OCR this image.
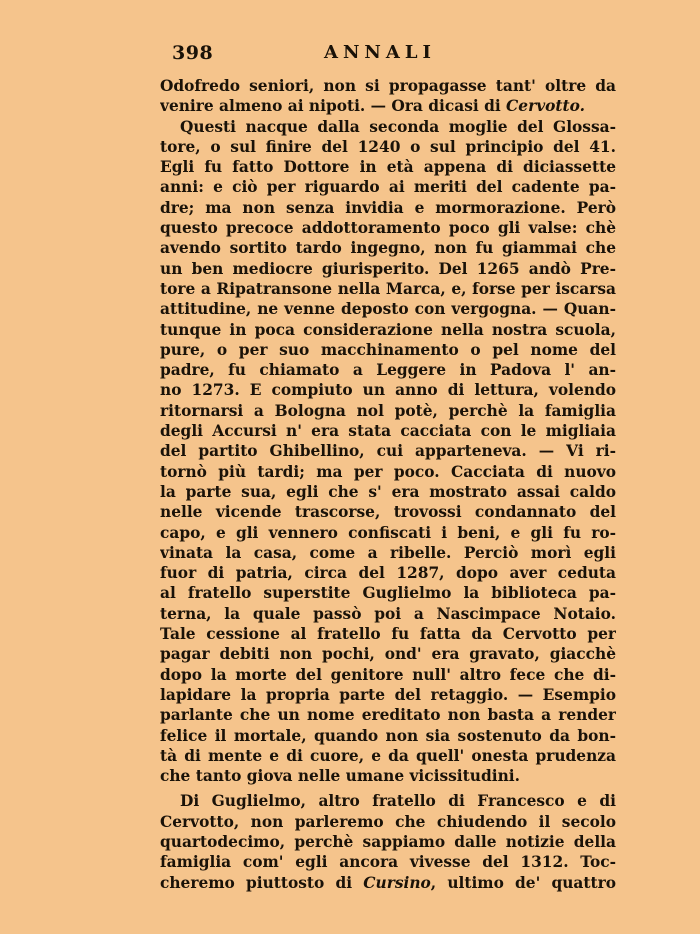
398	ANNALI
Odofredo seniori, non si propagasse tant' oltre da
venire almeno ai nipoti. — Ora dicasi di Cervotto.
Questi nacque dalla seconda moglie del Glossa-
tore, o sul finire del 1240 o sul principio del 41.
Egli fu fatto Dottore in età appena di diciassette
anni: e ciò per riguardo ai meriti del cadente pa-
dre; ma non senza invidia e mormorazione. Però
questo precoce addottoramento poco gli valse: chè
avendo sortito tardo ingegno, non fu giammai che
un ben mediocre giurisperito. Del 1265 andò Pre-
tore a Ripatransone nella Marca, e, forse per iscarsa
attitudine, ne venne deposto con vergogna. — Quan-
tunque in poca considerazione nella nostra scuola,
pure, o per suo macchinamento o pel nome del
padre, fu chiamato a Leggere in Padova l' an-
no 1273. E compiuto un anno di lettura, volendo
ritornarsi a Bologna nol potè, perchè la famiglia
degli Accursi n' era stata cacciata con le migliaia
del partito Ghibellino, cui apparteneva. — Vi ri-
tornò più tardi; ma per poco. Cacciata di nuovo
la parte sua, egli che s' era mostrato assai caldo
nelle vicende trascorse, trovossi condannato del
capo, e gli vennero confiscati i beni, e gli fu ro-
vinata la casa, come a ribelle. Perciò morì egli
fuor di patria, circa del 1287, dopo aver ceduta
al fratello superstite Guglielmo la biblioteca pa-
terna, la quale passò poi a Nascimpace Notaio.
Tale cessione al fratello fu fatta da Cervotto per
pagar debiti non pochi, ond' era gravato, giacchè
dopo la morte del genitore null' altro fece che di-
lapidare la propria parte del retaggio. — Esempio
parlante che un nome ereditato non basta a render
felice il mortale, quando non sia sostenuto da bon-
tà di mente e di cuore, e da quell' onesta prudenza
che tanto giova nelle umane vicissitudini.
Di Guglielmo, altro fratello di Francesco e di
Cervotto, non parleremo che chiudendo il secolo
quartodecimo, perchè sappiamo dalle notizie della
famiglia com' egli ancora vivesse del 1312. Toc-
cheremo piuttosto di Cursino, ultimo de' quattro
